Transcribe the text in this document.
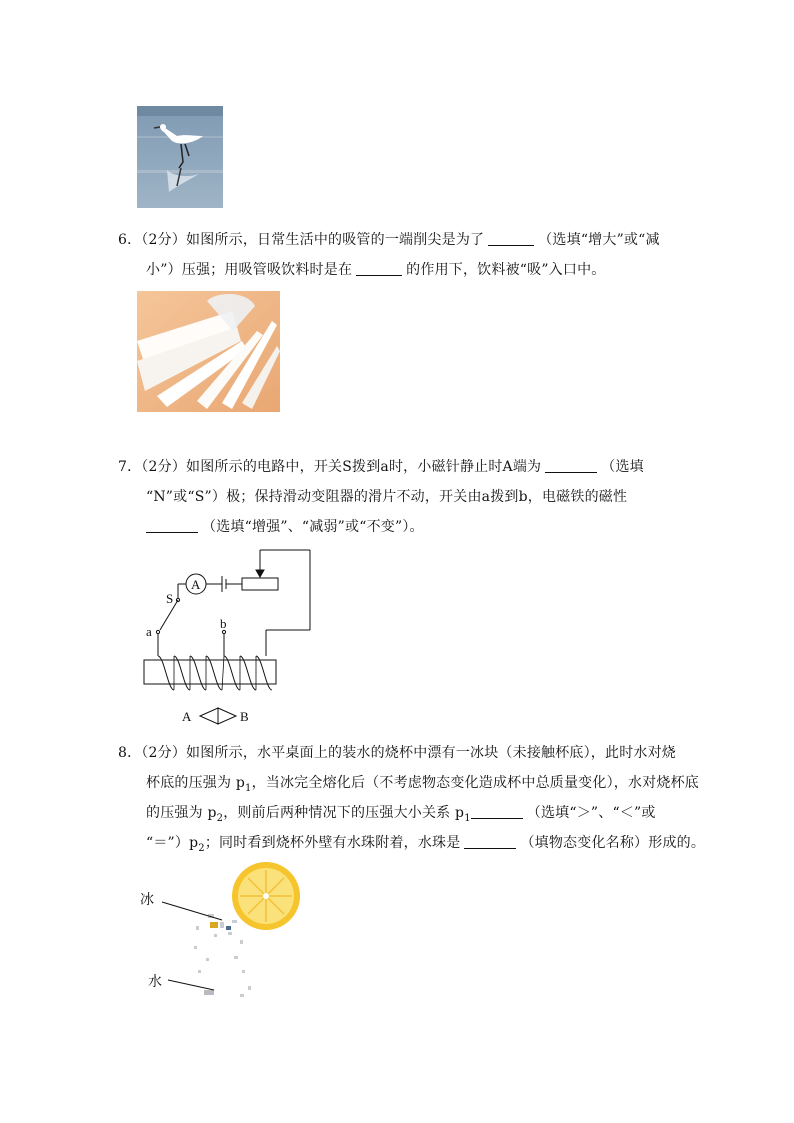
6．（2分）如图所示，日常生活中的吸管的一端削尖是为了	（选填“增大”或“减
小”）压强；用吸管吸饮料时是在	的作用下，饮料被“吸”入口中。
7．（2分）如图所示的电路中，开关S拨到a时，小磁针静止时A端为	（选填
“N”或“S”）极；保持滑动变阻器的滑片不动，开关由a拨到b，电磁铁的磁性
（选填“增强”、“减弱”或“不变”）。
A
S
a
b
A	B
8．（2分）如图所示，水平桌面上的装水的烧杯中漂有一冰块（未接触杯底），此时水对烧
杯底的压强为 $p_1$，当冰完全熔化后（不考虑物态变化造成杯中总质量变化），水对烧杯底
的压强为 $p_2$，则前后两种情况下的压强大小关系 $p_1$	（选填“＞”、“＜”或
“$=”)p_2$；同时看到烧杯外壁有水珠附着，水珠是	（填物态变化名称）形成的。
冰
水
